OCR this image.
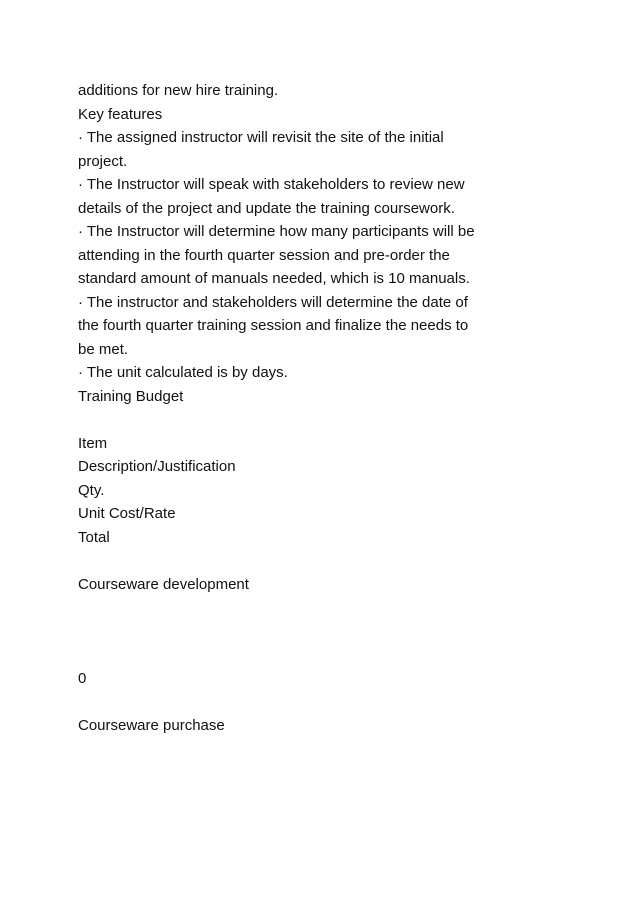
additions for new hire training.
Key features
· The assigned instructor will revisit the site of the initial
project.
· The Instructor will speak with stakeholders to review new
details of the project and update the training coursework.
· The Instructor will determine how many participants will be
attending in the fourth quarter session and pre-order the
standard amount of manuals needed, which is 10 manuals.
· The instructor and stakeholders will determine the date of
the fourth quarter training session and finalize the needs to
be met.
· The unit calculated is by days.
Training Budget
Item
Description/Justification
Qty.
Unit Cost/Rate
Total
Courseware development
0
Courseware purchase
